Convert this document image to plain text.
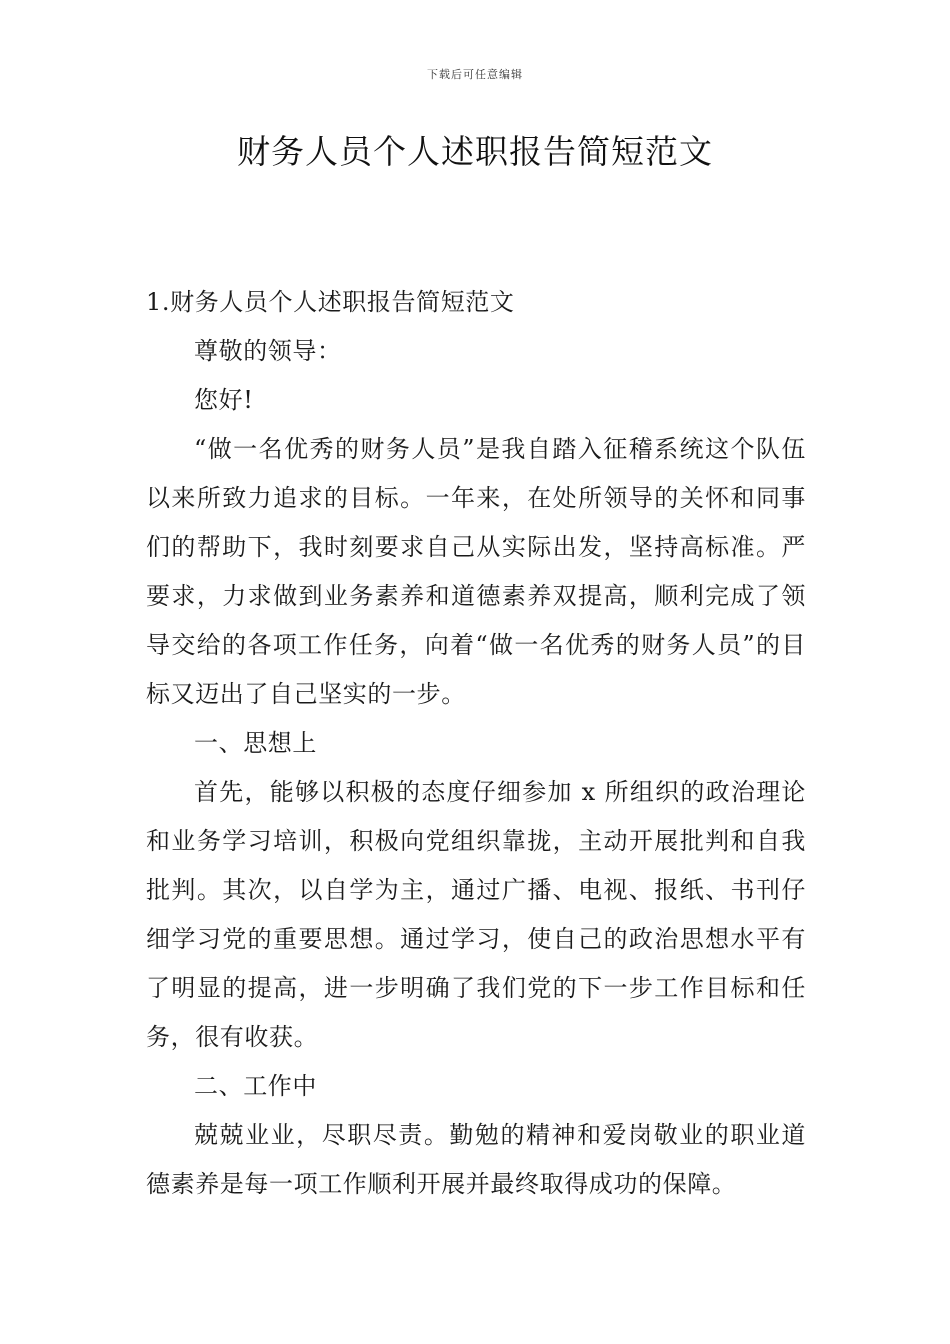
下载后可任意编辑
财务人员个人述职报告简短范文

1.财务人员个人述职报告简短范文

尊敬的领导：

您好!

“做一名优秀的财务人员”是我自踏入征稽系统这个队伍以来所致力追求的目标。一年来，在处所领导的关怀和同事们的帮助下，我时刻要求自己从实际出发，坚持高标准。严要求，力求做到业务素养和道德素养双提高，顺利完成了领导交给的各项工作任务，向着“做一名优秀的财务人员”的目标又迈出了自己坚实的一步。

一、思想上

首先，能够以积极的态度仔细参加 x 所组织的政治理论和业务学习培训，积极向党组织靠拢，主动开展批判和自我批判。其次，以自学为主，通过广播、电视、报纸、书刊仔细学习党的重要思想。通过学习，使自己的政治思想水平有了明显的提高，进一步明确了我们党的下一步工作目标和任务，很有收获。

二、工作中

兢兢业业，尽职尽责。勤勉的精神和爱岗敬业的职业道德素养是每一项工作顺利开展并最终取得成功的保障。
